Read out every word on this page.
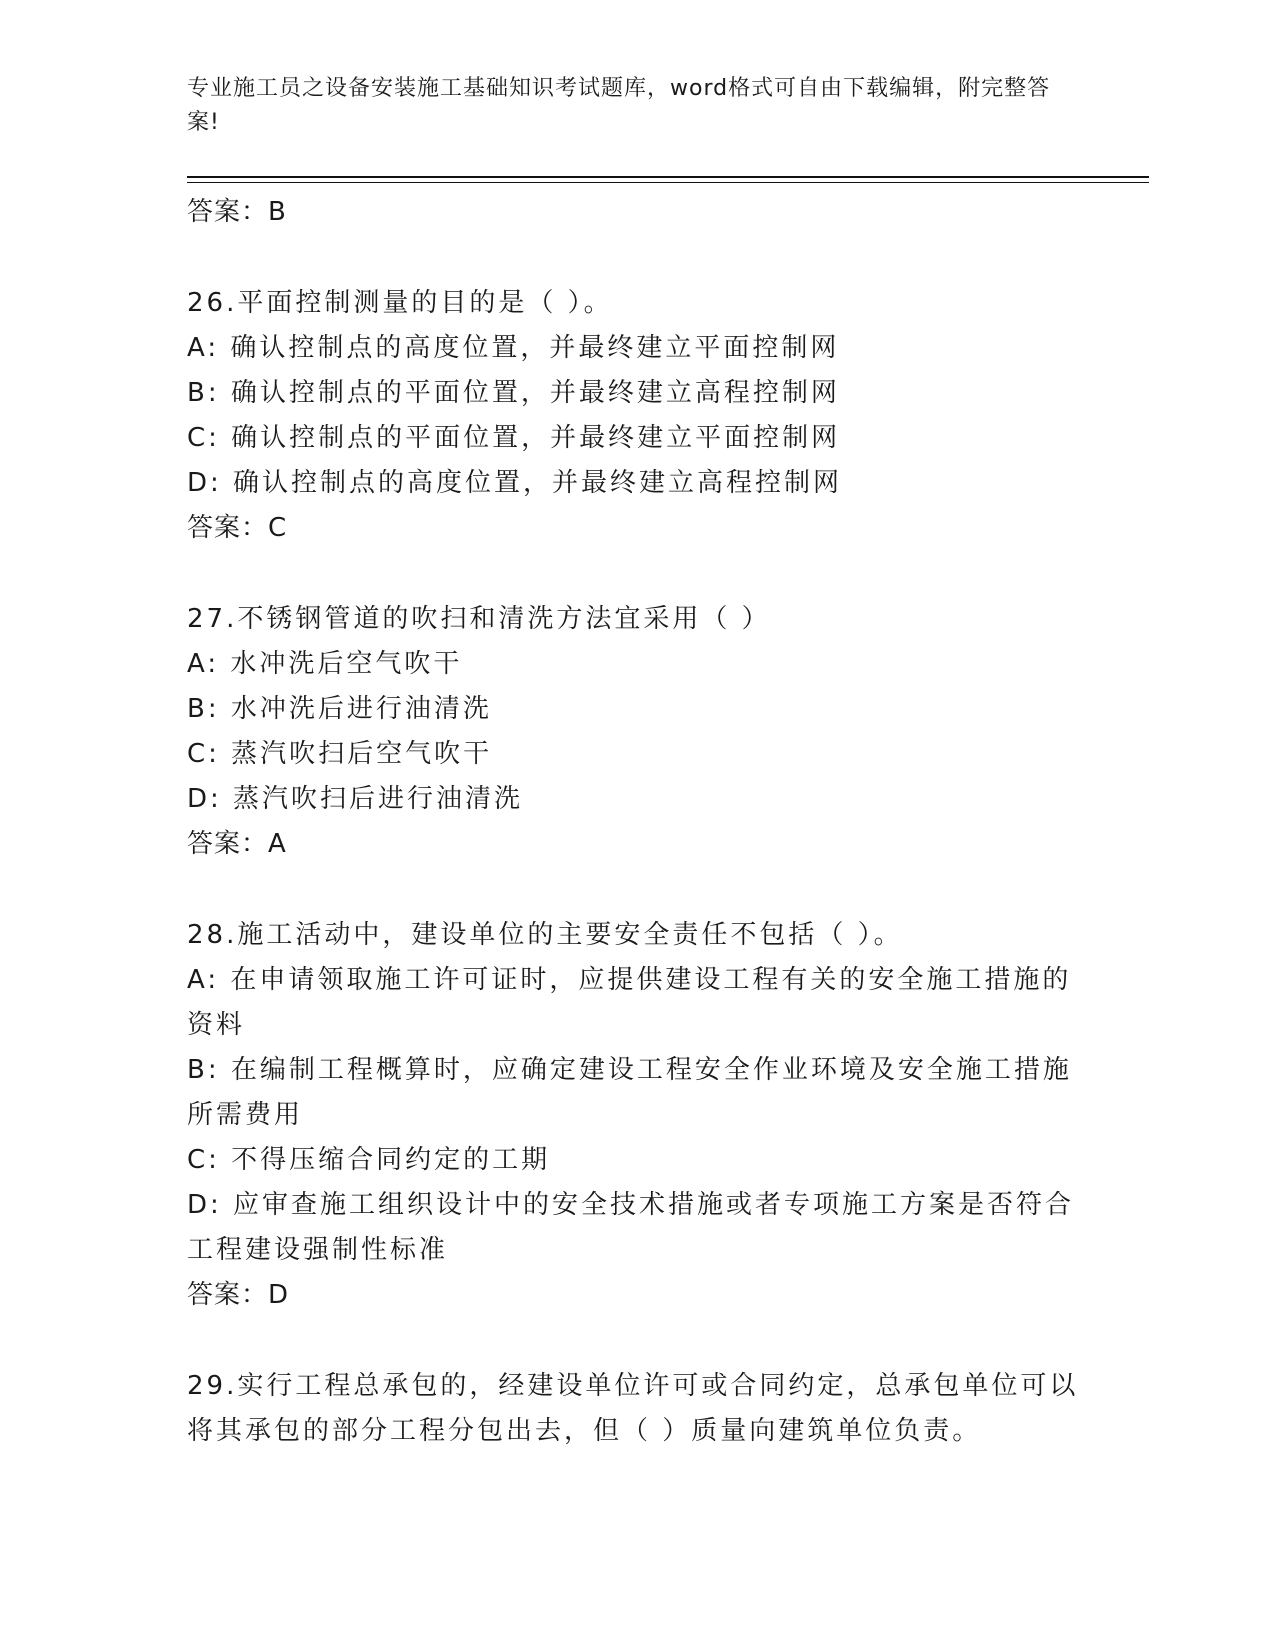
专业施工员之设备安装施工基础知识考试题库，word格式可自由下载编辑，附完整答案!
答案：B
26.平面控制测量的目的是（ ）。
A: 确认控制点的高度位置，并最终建立平面控制网
B: 确认控制点的平面位置，并最终建立高程控制网
C: 确认控制点的平面位置，并最终建立平面控制网
D: 确认控制点的高度位置，并最终建立高程控制网
答案：C
27.不锈钢管道的吹扫和清洗方法宜采用（ ）
A: 水冲洗后空气吹干
B: 水冲洗后进行油清洗
C: 蒸汽吹扫后空气吹干
D: 蒸汽吹扫后进行油清洗
答案：A
28.施工活动中，建设单位的主要安全责任不包括（ ）。
A: 在申请领取施工许可证时，应提供建设工程有关的安全施工措施的资料
B: 在编制工程概算时，应确定建设工程安全作业环境及安全施工措施所需费用
C: 不得压缩合同约定的工期
D: 应审查施工组织设计中的安全技术措施或者专项施工方案是否符合工程建设强制性标准
答案：D
29.实行工程总承包的，经建设单位许可或合同约定，总承包单位可以将其承包的部分工程分包出去，但（ ）质量向建筑单位负责。
